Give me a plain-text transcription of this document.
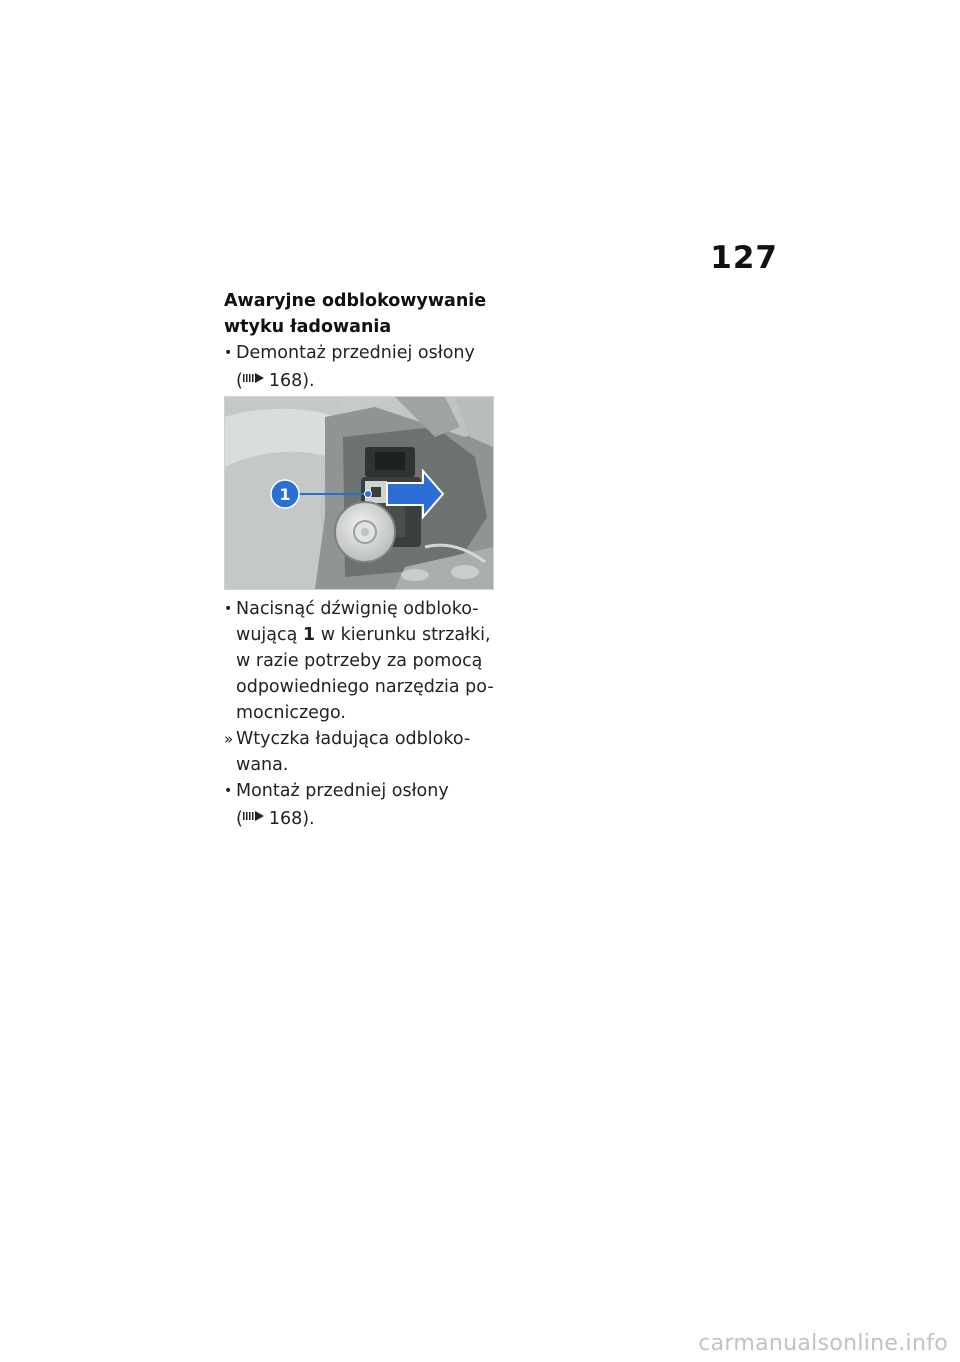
127
Awaryjne odblokowywanie
wtyku ładowania
• Demontaż przedniej osłony
( 168).
1
• Nacisnąć dźwignię odbloko-
wującą 1 w kierunku strzałki,
w razie potrzeby za pomocą
odpowiedniego narzędzia po-
mocniczego.
» Wtyczka ładująca odbloko-
wana.
• Montaż przedniej osłony
( 168).
carmanualsonline.info
